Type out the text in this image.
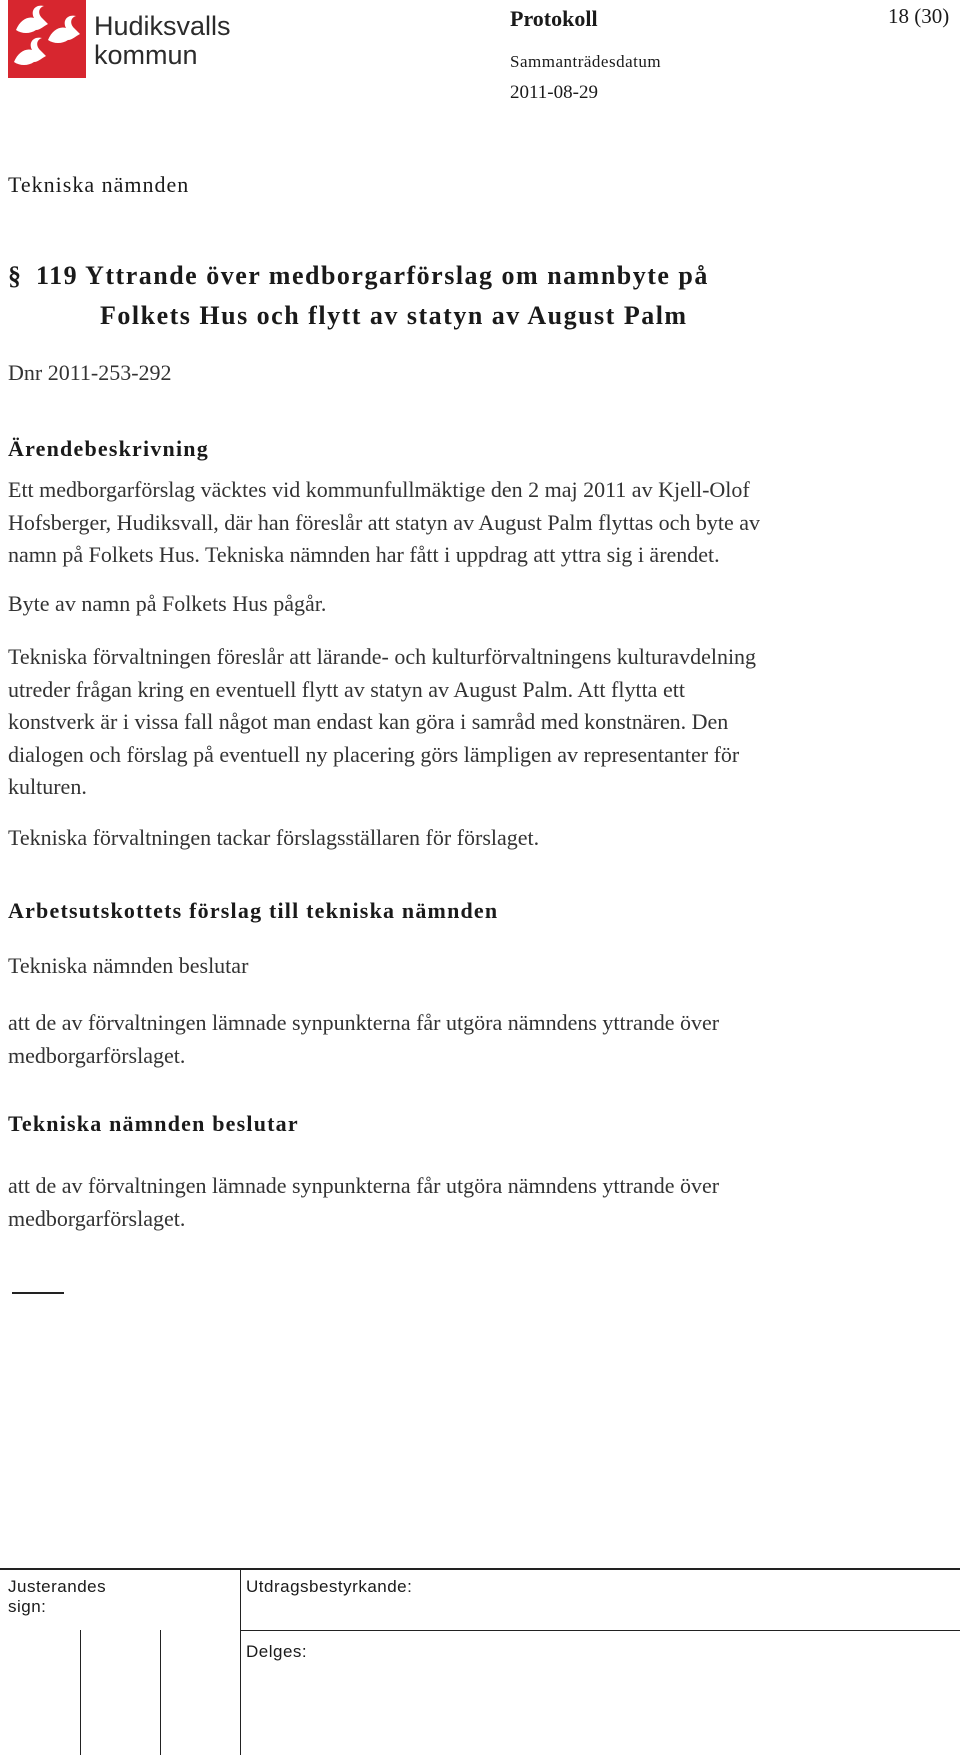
Hudiksvalls
kommun
Protokoll	18 (30)
Sammanträdesdatum
2011-08-29
Tekniska nämnden
§ 119 Yttrande över medborgarförslag om namnbyte på
Folkets Hus och flytt av statyn av August Palm
Dnr 2011-253-292
Ärendebeskrivning
Ett medborgarförslag väcktes vid kommunfullmäktige den 2 maj 2011 av Kjell-Olof
Hofsberger, Hudiksvall, där han föreslår att statyn av August Palm flyttas och byte av
namn på Folkets Hus. Tekniska nämnden har fått i uppdrag att yttra sig i ärendet.
Byte av namn på Folkets Hus pågår.
Tekniska förvaltningen föreslår att lärande- och kulturförvaltningens kulturavdelning
utreder frågan kring en eventuell flytt av statyn av August Palm. Att flytta ett
konstverk är i vissa fall något man endast kan göra i samråd med konstnären. Den
dialogen och förslag på eventuell ny placering görs lämpligen av representanter för
kulturen.
Tekniska förvaltningen tackar förslagsställaren för förslaget.
Arbetsutskottets förslag till tekniska nämnden
Tekniska nämnden beslutar
att de av förvaltningen lämnade synpunkterna får utgöra nämndens yttrande över
medborgarförslaget.
Tekniska nämnden beslutar
att de av förvaltningen lämnade synpunkterna får utgöra nämndens yttrande över
medborgarförslaget.
Justerandes
sign:
Utdragsbestyrkande:
Delges:
